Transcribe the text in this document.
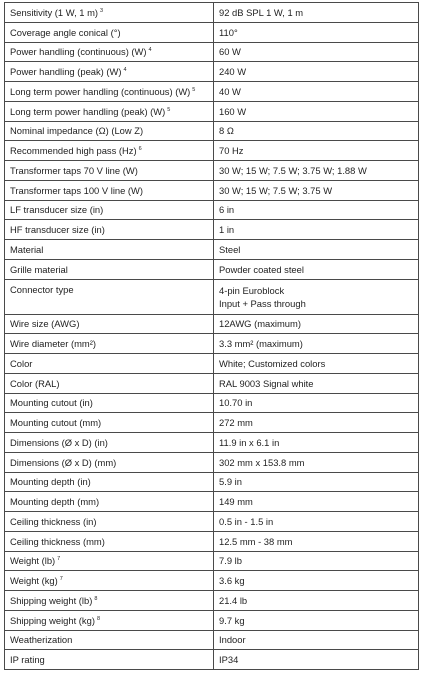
Sensitivity (1 W, 1 m) $^3$	92 dB SPL 1 W, 1 m

Coverage angle conical (°)	110°

Power handling (continuous) (W) $^4$	60 W

Power handling (peak) (W) $^4$	240 W

Long term power handling (continuous) (W) $^5$	40 W

Long term power handling (peak) (W) $^5$	160 W

Nominal impedance (Ω) (Low Z)	8 Ω

Recommended high pass (Hz) $^6$	70 Hz

Transformer taps 70 V line (W)	30 W; 15 W; 7.5 W; 3.75 W; 1.88 W

Transformer taps 100 V line (W)	30 W; 15 W; 7.5 W; 3.75 W

LF transducer size (in)	6 in

HF transducer size (in)	1 in

Material	Steel

Grille material	Powder coated steel

Connector type	4-pin Euroblock
Input + Pass through

Wire size (AWG)	12AWG (maximum)

Wire diameter (mm²)	3.3 mm² (maximum)

Color	White; Customized colors

Color (RAL)	RAL 9003 Signal white

Mounting cutout (in)	10.70 in

Mounting cutout (mm)	272 mm

Dimensions (Ø x D) (in)	11.9 in x 6.1 in

Dimensions (Ø x D) (mm)	302 mm x 153.8 mm

Mounting depth (in)	5.9 in

Mounting depth (mm)	149 mm

Ceiling thickness (in)	0.5 in - 1.5 in

Ceiling thickness (mm)	12.5 mm - 38 mm

Weight (lb) $^7$	7.9 lb

Weight (kg) $^7$	3.6 kg

Shipping weight (lb) $^8$	21.4 lb

Shipping weight (kg) $^8$	9.7 kg

Weatherization	Indoor

IP rating	IP34
